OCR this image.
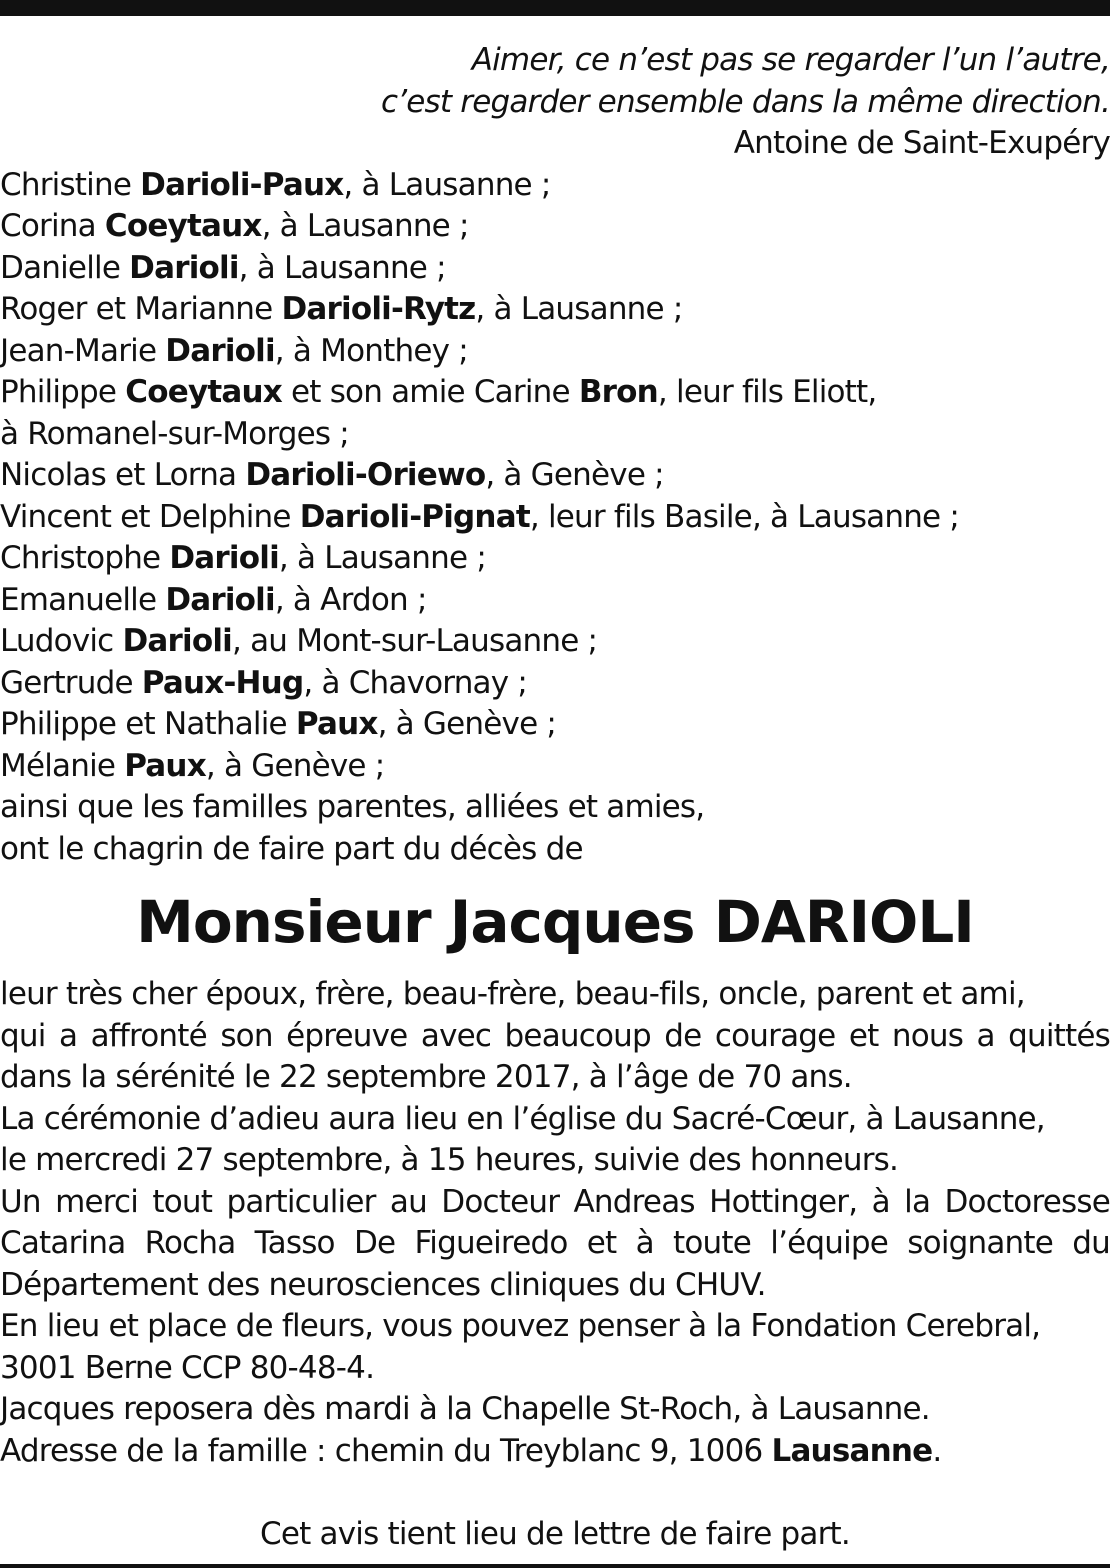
Aimer, ce n’est pas se regarder l’un l’autre,
c’est regarder ensemble dans la même direction.
Antoine de Saint-Exupéry
Christine Darioli-Paux, à Lausanne ;
Corina Coeytaux, à Lausanne ;
Danielle Darioli, à Lausanne ;
Roger et Marianne Darioli-Rytz, à Lausanne ;
Jean-Marie Darioli, à Monthey ;
Philippe Coeytaux et son amie Carine Bron, leur fils Eliott,
à Romanel-sur-Morges ;
Nicolas et Lorna Darioli-Oriewo, à Genève ;
Vincent et Delphine Darioli-Pignat, leur fils Basile, à Lausanne ;
Christophe Darioli, à Lausanne ;
Emanuelle Darioli, à Ardon ;
Ludovic Darioli, au Mont-sur-Lausanne ;
Gertrude Paux-Hug, à Chavornay ;
Philippe et Nathalie Paux, à Genève ;
Mélanie Paux, à Genève ;
ainsi que les familles parentes, alliées et amies,
ont le chagrin de faire part du décès de
Monsieur Jacques DARIOLI
leur très cher époux, frère, beau-frère, beau-fils, oncle, parent et ami,
qui a affronté son épreuve avec beaucoup de courage et nous a quittés
dans la sérénité le 22 septembre 2017, à l’âge de 70 ans.
La cérémonie d’adieu aura lieu en l’église du Sacré-Cœur, à Lausanne,
le mercredi 27 septembre, à 15 heures, suivie des honneurs.
Un merci tout particulier au Docteur Andreas Hottinger, à la Doctoresse
Catarina Rocha Tasso De Figueiredo et à toute l’équipe soignante du
Département des neurosciences cliniques du CHUV.
En lieu et place de fleurs, vous pouvez penser à la Fondation Cerebral,
3001 Berne CCP 80-48-4.
Jacques reposera dès mardi à la Chapelle St-Roch, à Lausanne.
Adresse de la famille : chemin du Treyblanc 9, 1006 Lausanne.
Cet avis tient lieu de lettre de faire part.
